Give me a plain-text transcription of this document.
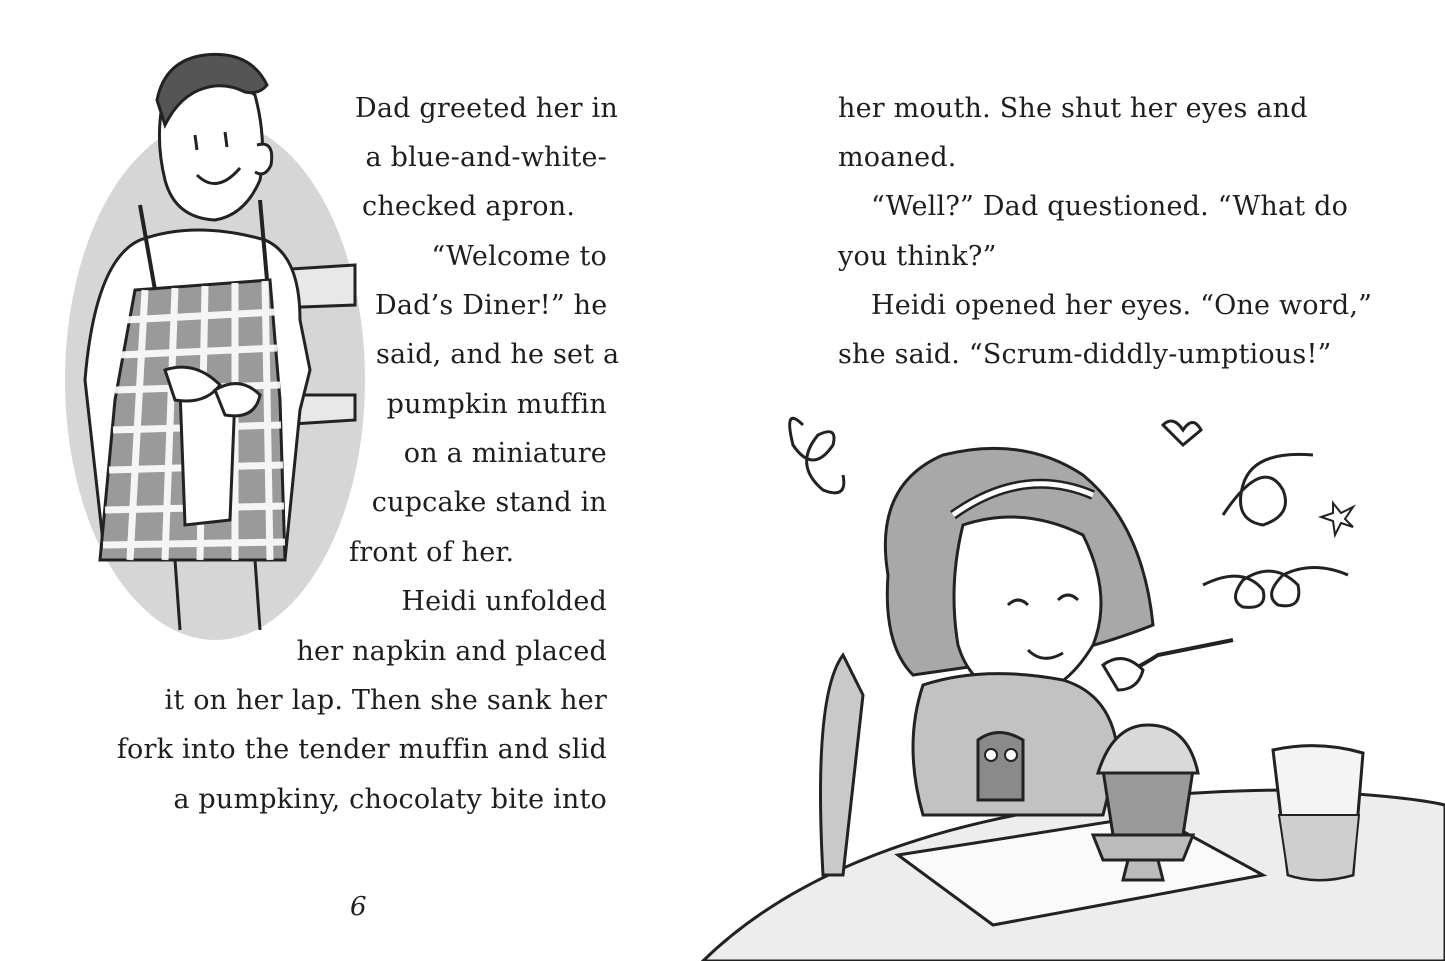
Dad greeted her in
a blue-and-white-
checked apron.
“Welcome to
Dad’s Diner!” he
said, and he set a
pumpkin muffin
on a miniature
cupcake stand in
front of her.
Heidi unfolded
her napkin and placed
it on her lap. Then she sank her
fork into the tender muffin and slid
a pumpkiny, chocolaty bite into
6
her mouth. She shut her eyes and
moaned.
“Well?” Dad questioned. “What do
you think?”
Heidi opened her eyes. “One word,”
she said. “Scrum-diddly-umptious!”
